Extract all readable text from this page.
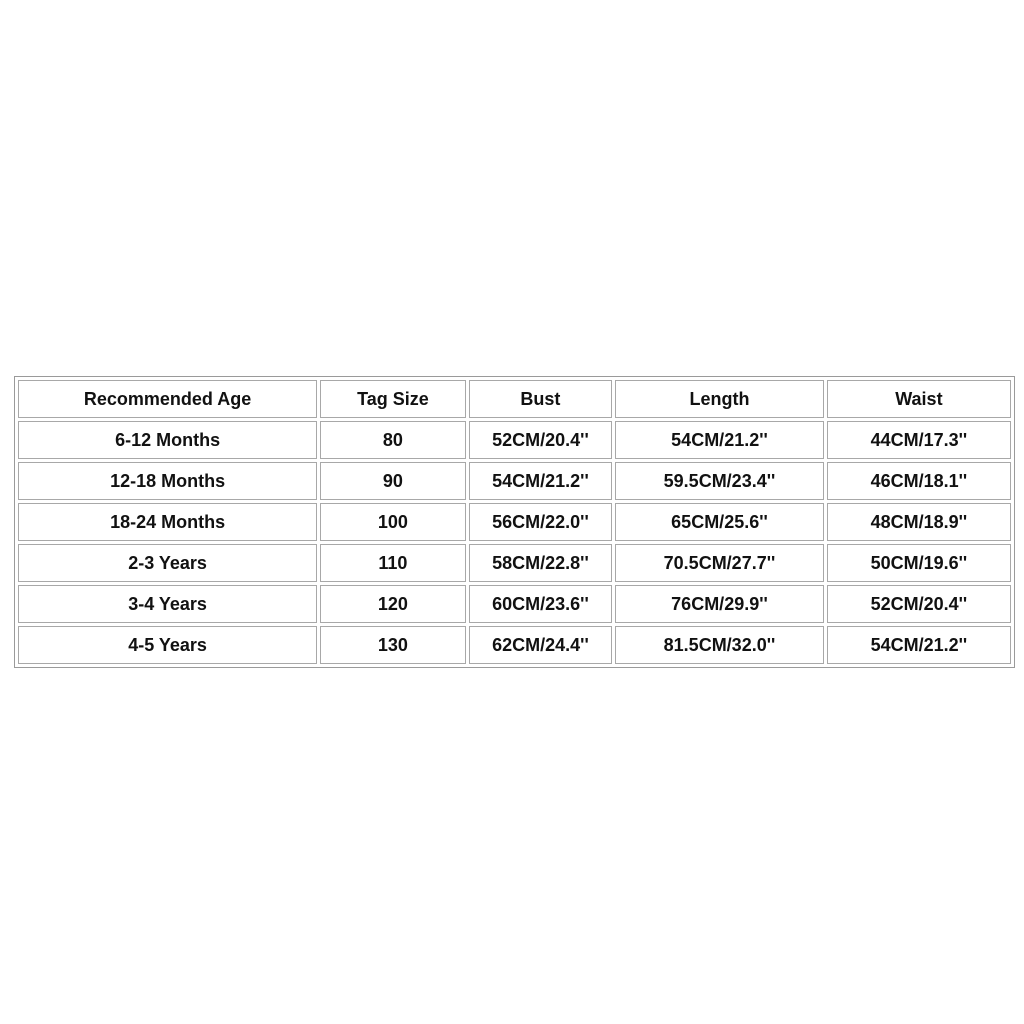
Recommended Age	Tag Size	Bust	Length	Waist
6-12 Months	80	52CM/20.4''	54CM/21.2''	44CM/17.3''
12-18 Months	90	54CM/21.2''	59.5CM/23.4''	46CM/18.1''
18-24 Months	100	56CM/22.0''	65CM/25.6''	48CM/18.9''
2-3 Years	110	58CM/22.8''	70.5CM/27.7''	50CM/19.6''
3-4 Years	120	60CM/23.6''	76CM/29.9''	52CM/20.4''
4-5 Years	130	62CM/24.4''	81.5CM/32.0''	54CM/21.2''
